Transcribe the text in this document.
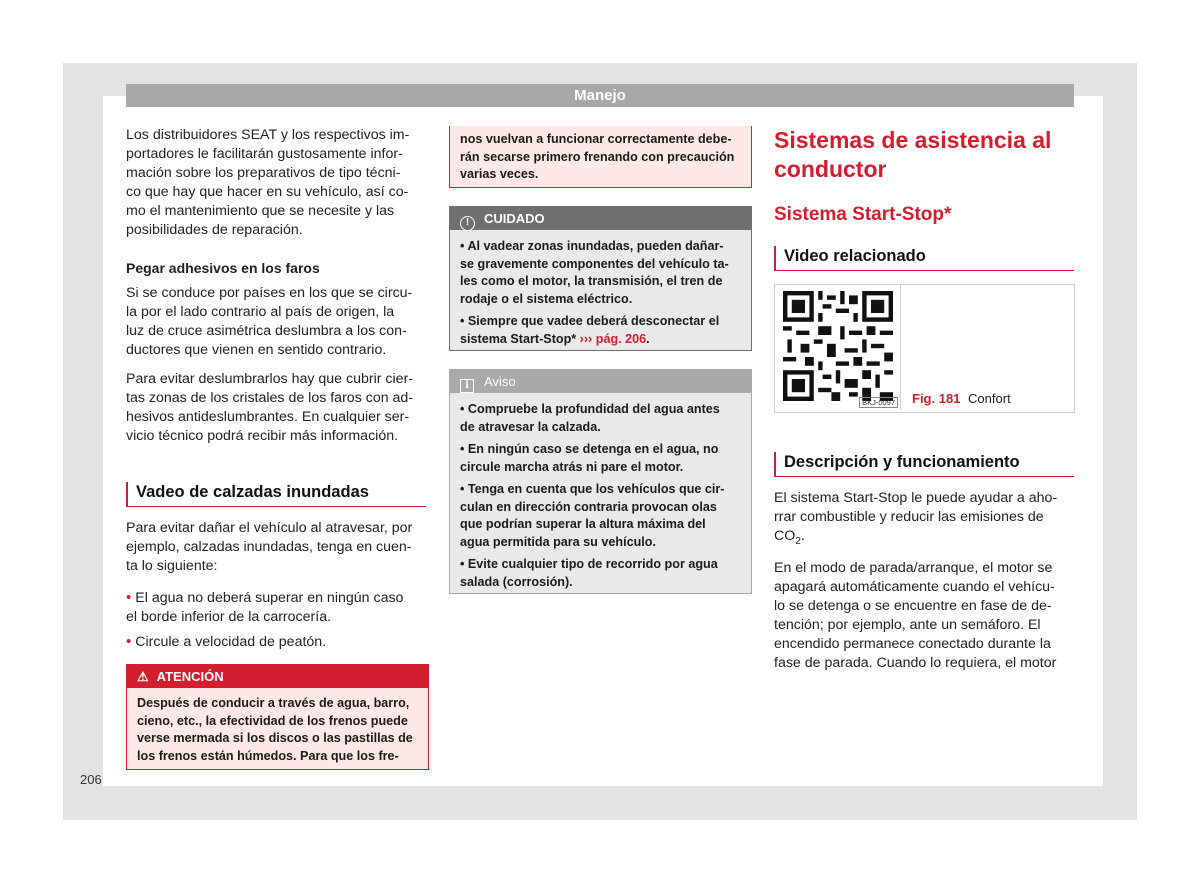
Manejo
206

Los distribuidores SEAT y los respectivos im-

portadores le facilitarán gustosamente infor-

mación sobre los preparativos de tipo técni-

co que hay que hacer en su vehículo, así co-

mo el mantenimiento que se necesite y las

posibilidades de reparación.

Pegar adhesivos en los faros

Si se conduce por países en los que se circu-

la por el lado contrario al país de origen, la

luz de cruce asimétrica deslumbra a los con-

ductores que vienen en sentido contrario.

Para evitar deslumbrarlos hay que cubrir cier-

tas zonas de los cristales de los faros con ad-

hesivos antideslumbrantes. En cualquier ser-

vicio técnico podrá recibir más información.

Vadeo de calzadas inundadas

Para evitar dañar el vehículo al atravesar, por

ejemplo, calzadas inundadas, tenga en cuen-

ta lo siguiente:

• El agua no deberá superar en ningún caso

el borde inferior de la carrocería.

• Circule a velocidad de peatón.

⚠ ATENCIÓN
Después de conducir a través de agua, barro,
cieno, etc., la efectividad de los frenos puede
verse mermada si los discos o las pastillas de
los frenos están húmedos. Para que los fre-
nos vuelvan a funcionar correctamente debe-
rán secarse primero frenando con precaución
varias veces.
! CUIDADO

• Al vadear zonas inundadas, pueden dañar-
se gravemente componentes del vehículo ta-
les como el motor, la transmisión, el tren de
rodaje o el sistema eléctrico.

• Siempre que vadee deberá desconectar el
sistema Start-Stop* ››› pág. 206.

i Aviso

• Compruebe la profundidad del agua antes
de atravesar la calzada.

• En ningún caso se detenga en el agua, no
circule marcha atrás ni pare el motor.

• Tenga en cuenta que los vehículos que cir-
culan en dirección contraria provocan olas
que podrían superar la altura máxima del
agua permitida para su vehículo.

• Evite cualquier tipo de recorrido por agua
salada (corrosión).

Sistemas de asistencia al
conductor
Sistema Start-Stop*
Video relacionado
BKJ-0097 Fig. 181 Confort
Descripción y funcionamiento

El sistema Start-Stop le puede ayudar a aho-

rrar combustible y reducir las emisiones de

$CO_2$.

En el modo de parada/arranque, el motor se

apagará automáticamente cuando el vehícu-

lo se detenga o se encuentre en fase de de-

tención; por ejemplo, ante un semáforo. El

encendido permanece conectado durante la

fase de parada. Cuando lo requiera, el motor
